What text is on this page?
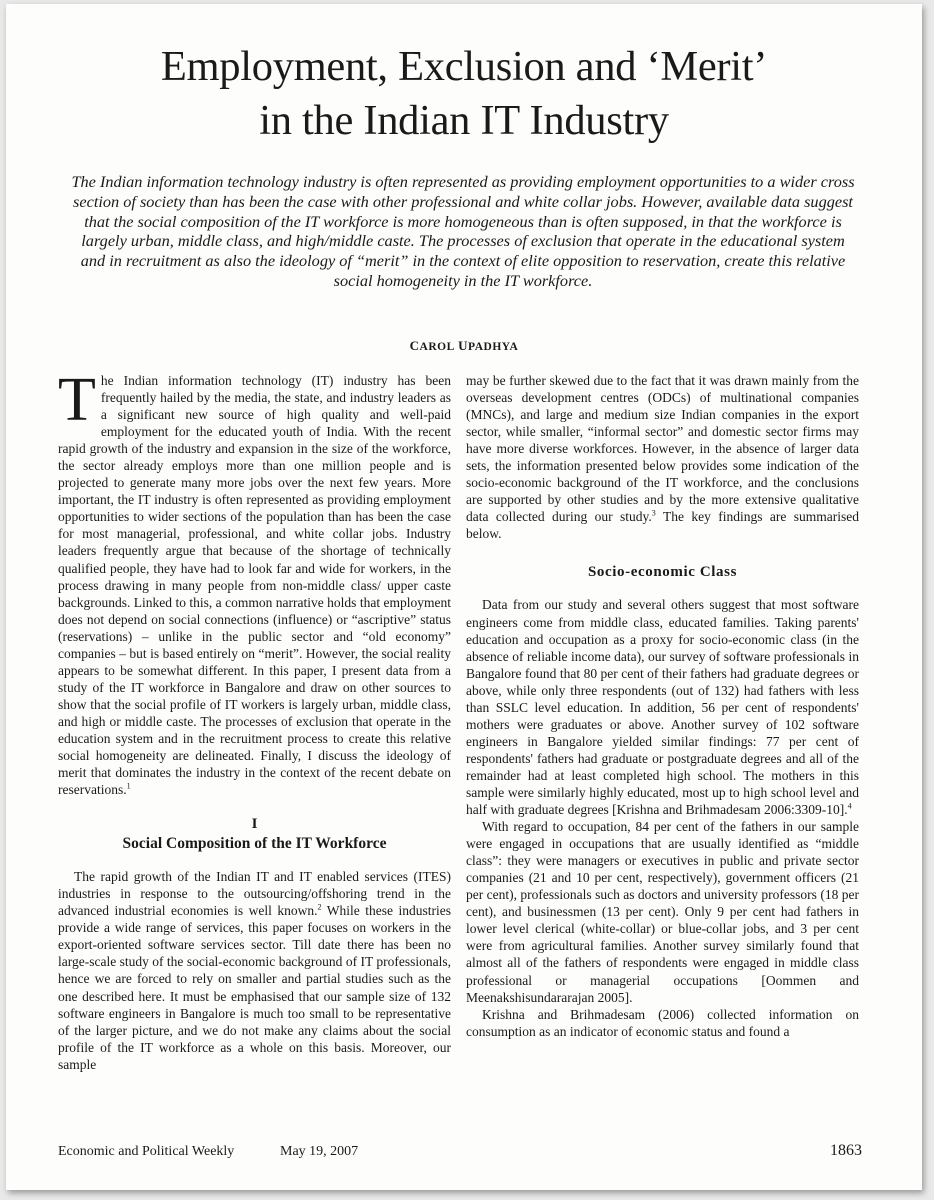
Employment, Exclusion and ‘Merit’
in the Indian IT Industry
The Indian information technology industry is often represented as providing employment opportunities to a wider cross section of society than has been the case with other professional and white collar jobs. However, available data suggest that the social composition of the IT workforce is more homogeneous than is often supposed, in that the workforce is largely urban, middle class, and high/middle caste. The processes of exclusion that operate in the educational system and in recruitment as also the ideology of “merit” in the context of elite opposition to reservation, create this relative social homogeneity in the IT workforce.
CAROL UPADHYA

The Indian information technology (IT) industry has been frequently hailed by the media, the state, and industry leaders as a significant new source of high quality and well-paid employment for the educated youth of India. With the recent rapid growth of the industry and expansion in the size of the workforce, the sector already employs more than one million people and is projected to generate many more jobs over the next few years. More important, the IT industry is often represented as providing employment opportunities to wider sections of the population than has been the case for most managerial, professional, and white collar jobs. Industry leaders frequently argue that because of the shortage of technically qualified people, they have had to look far and wide for workers, in the process drawing in many people from non-middle class/ upper caste backgrounds. Linked to this, a common narrative holds that employment does not depend on social connections (influence) or “ascriptive” status (reservations) – unlike in the public sector and “old economy” companies – but is based entirely on “merit”. However, the social reality appears to be somewhat different. In this paper, I present data from a study of the IT workforce in Bangalore and draw on other sources to show that the social profile of IT workers is largely urban, middle class, and high or middle caste. The processes of exclusion that operate in the education system and in the recruitment process to create this relative social homogeneity are delineated. Finally, I discuss the ideology of merit that dominates the industry in the context of the recent debate on reservations.$^1$

I
Social Composition of the IT Workforce

The rapid growth of the Indian IT and IT enabled services (ITES) industries in response to the outsourcing/offshoring trend in the advanced industrial economies is well known.$^2$ While these industries provide a wide range of services, this paper focuses on workers in the export-oriented software services sector. Till date there has been no large-scale study of the social-economic background of IT professionals, hence we are forced to rely on smaller and partial studies such as the one described here. It must be emphasised that our sample size of 132 software engineers in Bangalore is much too small to be representative of the larger picture, and we do not make any claims about the social profile of the IT workforce as a whole on this basis. Moreover, our sample

may be further skewed due to the fact that it was drawn mainly from the overseas development centres (ODCs) of multinational companies (MNCs), and large and medium size Indian companies in the export sector, while smaller, “informal sector” and domestic sector firms may have more diverse workforces. However, in the absence of larger data sets, the information presented below provides some indication of the socio-economic background of the IT workforce, and the conclusions are supported by other studies and by the more extensive qualitative data collected during our study.$^3$ The key findings are summarised below.

Socio-economic Class

Data from our study and several others suggest that most software engineers come from middle class, educated families. Taking parents' education and occupation as a proxy for socio-economic class (in the absence of reliable income data), our survey of software professionals in Bangalore found that 80 per cent of their fathers had graduate degrees or above, while only three respondents (out of 132) had fathers with less than SSLC level education. In addition, 56 per cent of respondents' mothers were graduates or above. Another survey of 102 software engineers in Bangalore yielded similar findings: 77 per cent of respondents' fathers had graduate or postgraduate degrees and all of the remainder had at least completed high school. The mothers in this sample were similarly highly educated, most up to high school level and half with graduate degrees [Krishna and Brihmadesam 2006:3309-10].$^4$

With regard to occupation, 84 per cent of the fathers in our sample were engaged in occupations that are usually identified as “middle class”: they were managers or executives in public and private sector companies (21 and 10 per cent, respectively), government officers (21 per cent), professionals such as doctors and university professors (18 per cent), and businessmen (13 per cent). Only 9 per cent had fathers in lower level clerical (white-collar) or blue-collar jobs, and 3 per cent were from agricultural families. Another survey similarly found that almost all of the fathers of respondents were engaged in middle class professional or managerial occupations [Oommen and Meenakshisundararajan 2005].

Krishna and Brihmadesam (2006) collected information on consumption as an indicator of economic status and found a

Economic and Political Weekly	May 19, 2007	1863
